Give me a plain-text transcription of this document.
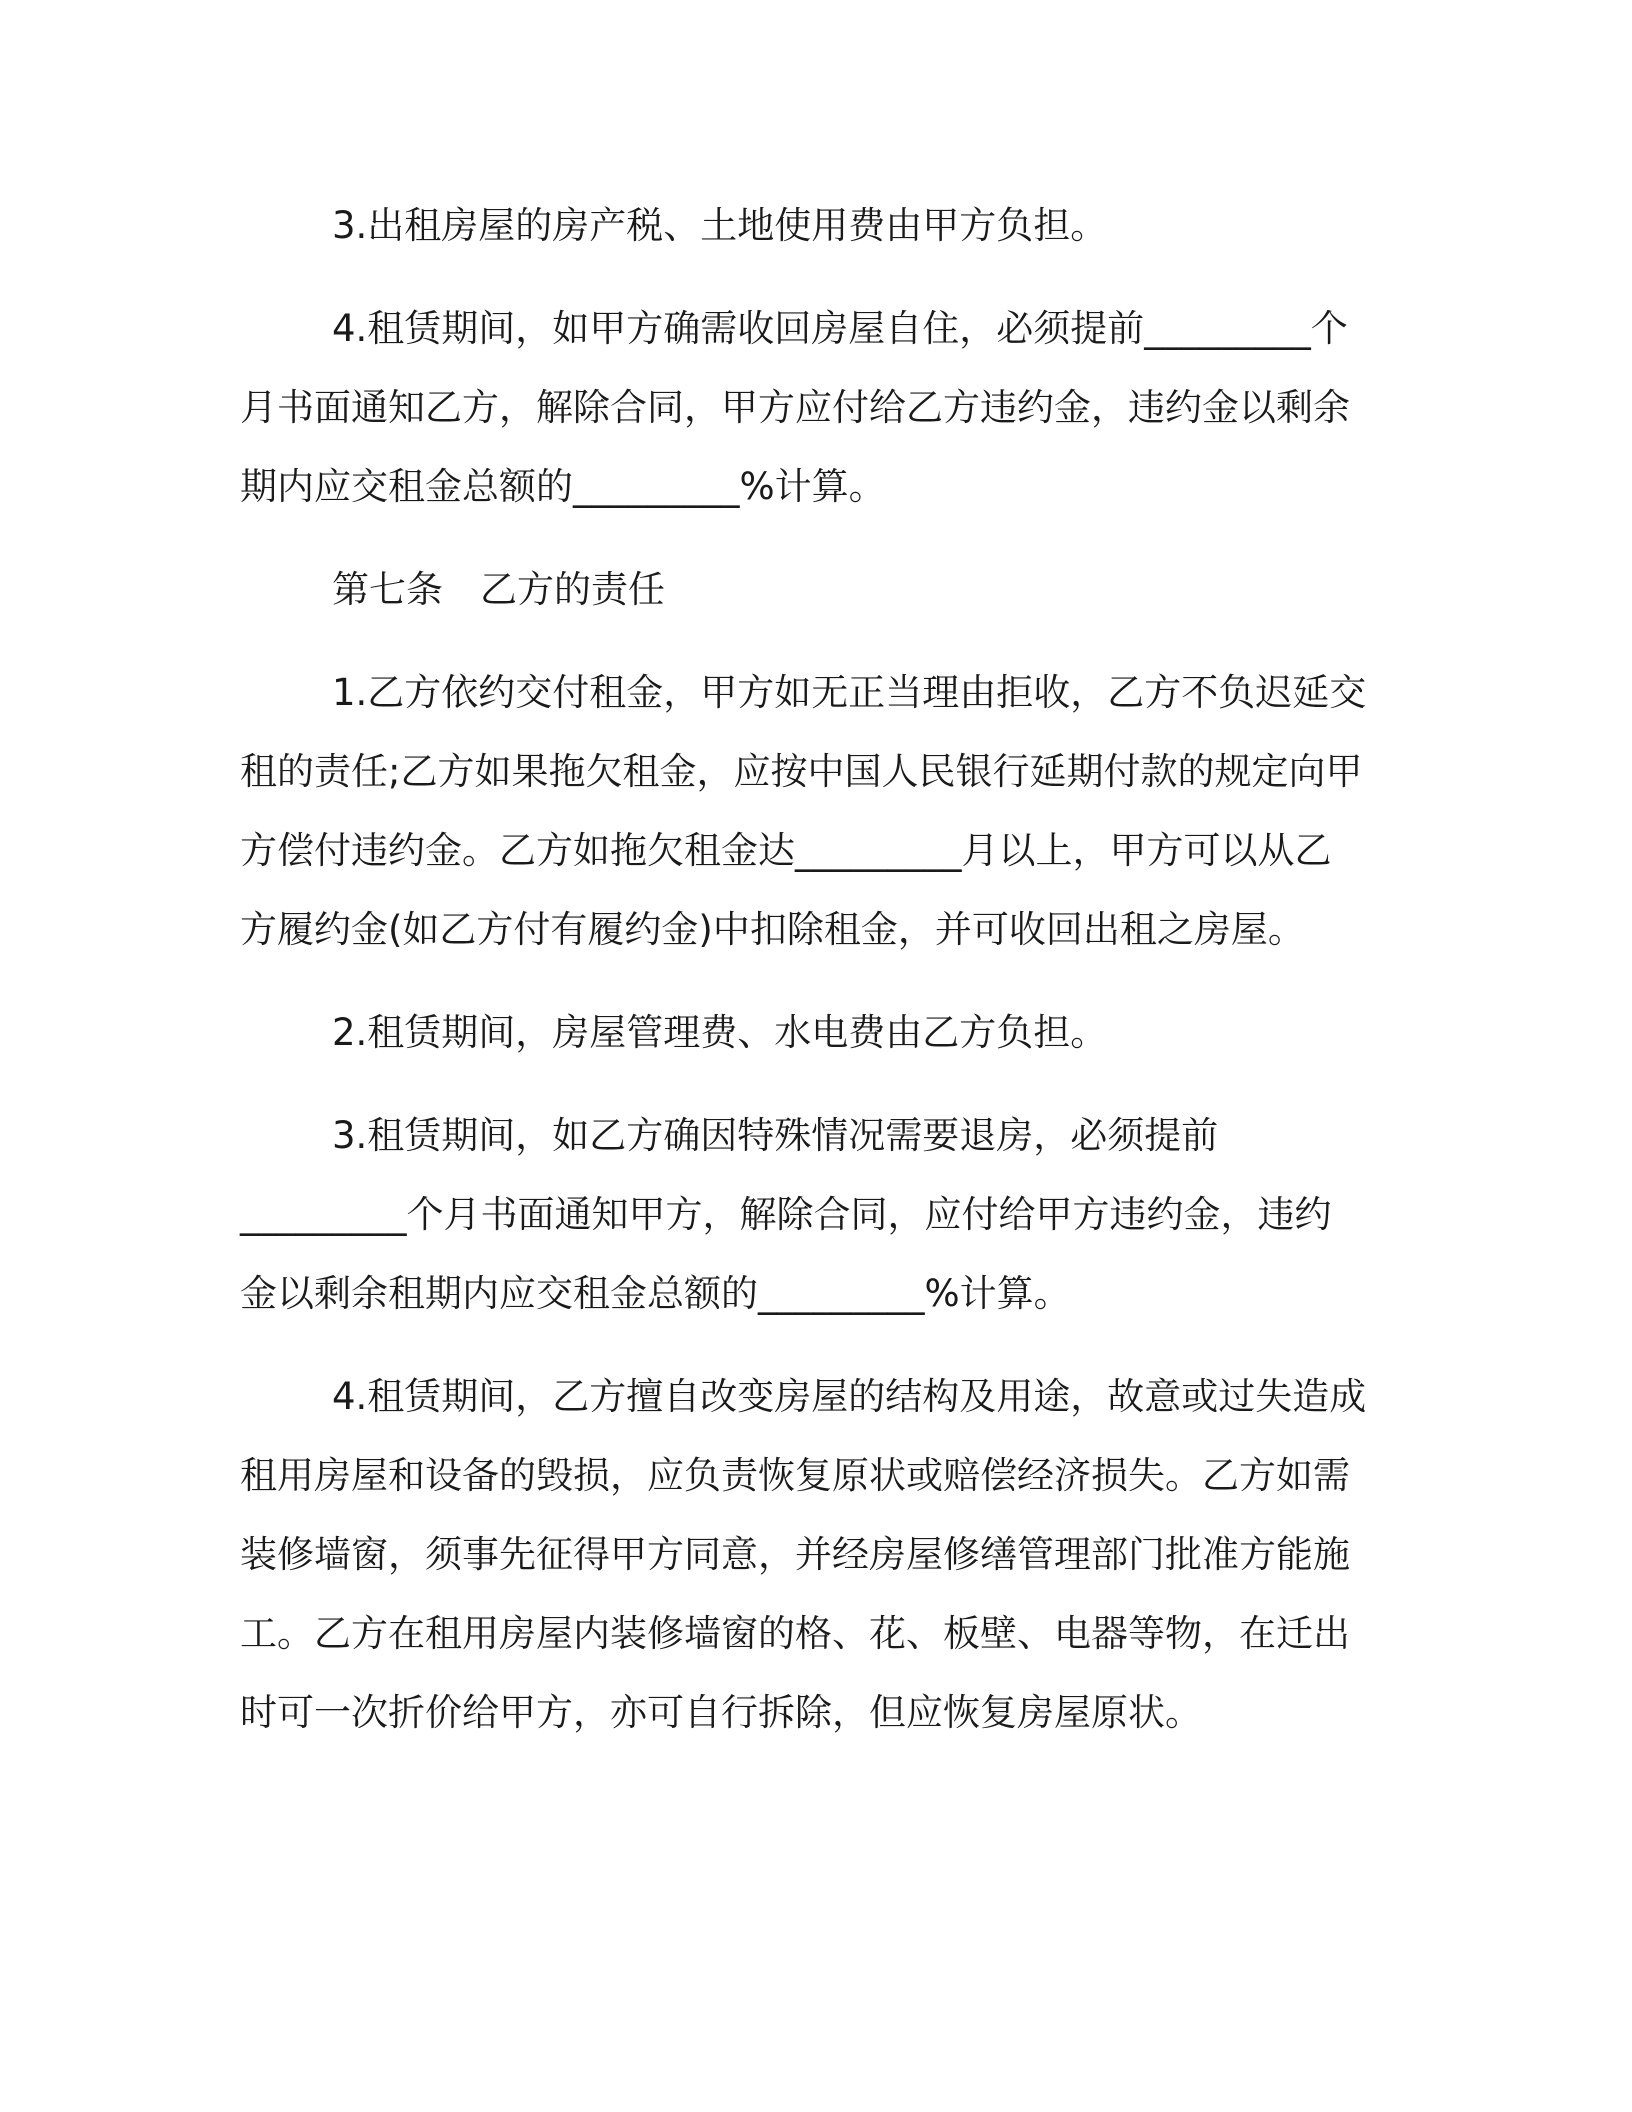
3.出租房屋的房产税、土地使用费由甲方负担。

4.租赁期间，如甲方确需收回房屋自住，必须提前_________个
月书面通知乙方，解除合同，甲方应付给乙方违约金，违约金以剩余
期内应交租金总额的_________%计算。

第七条　乙方的责任

1.乙方依约交付租金，甲方如无正当理由拒收，乙方不负迟延交
租的责任;乙方如果拖欠租金，应按中国人民银行延期付款的规定向甲
方偿付违约金。乙方如拖欠租金达_________月以上，甲方可以从乙
方履约金(如乙方付有履约金)中扣除租金，并可收回出租之房屋。

2.租赁期间，房屋管理费、水电费由乙方负担。

3.租赁期间，如乙方确因特殊情况需要退房，必须提前
_________个月书面通知甲方，解除合同，应付给甲方违约金，违约
金以剩余租期内应交租金总额的_________%计算。

4.租赁期间，乙方擅自改变房屋的结构及用途，故意或过失造成
租用房屋和设备的毁损，应负责恢复原状或赔偿经济损失。乙方如需
装修墙窗，须事先征得甲方同意，并经房屋修缮管理部门批准方能施
工。乙方在租用房屋内装修墙窗的格、花、板壁、电器等物，在迁出
时可一次折价给甲方，亦可自行拆除，但应恢复房屋原状。
